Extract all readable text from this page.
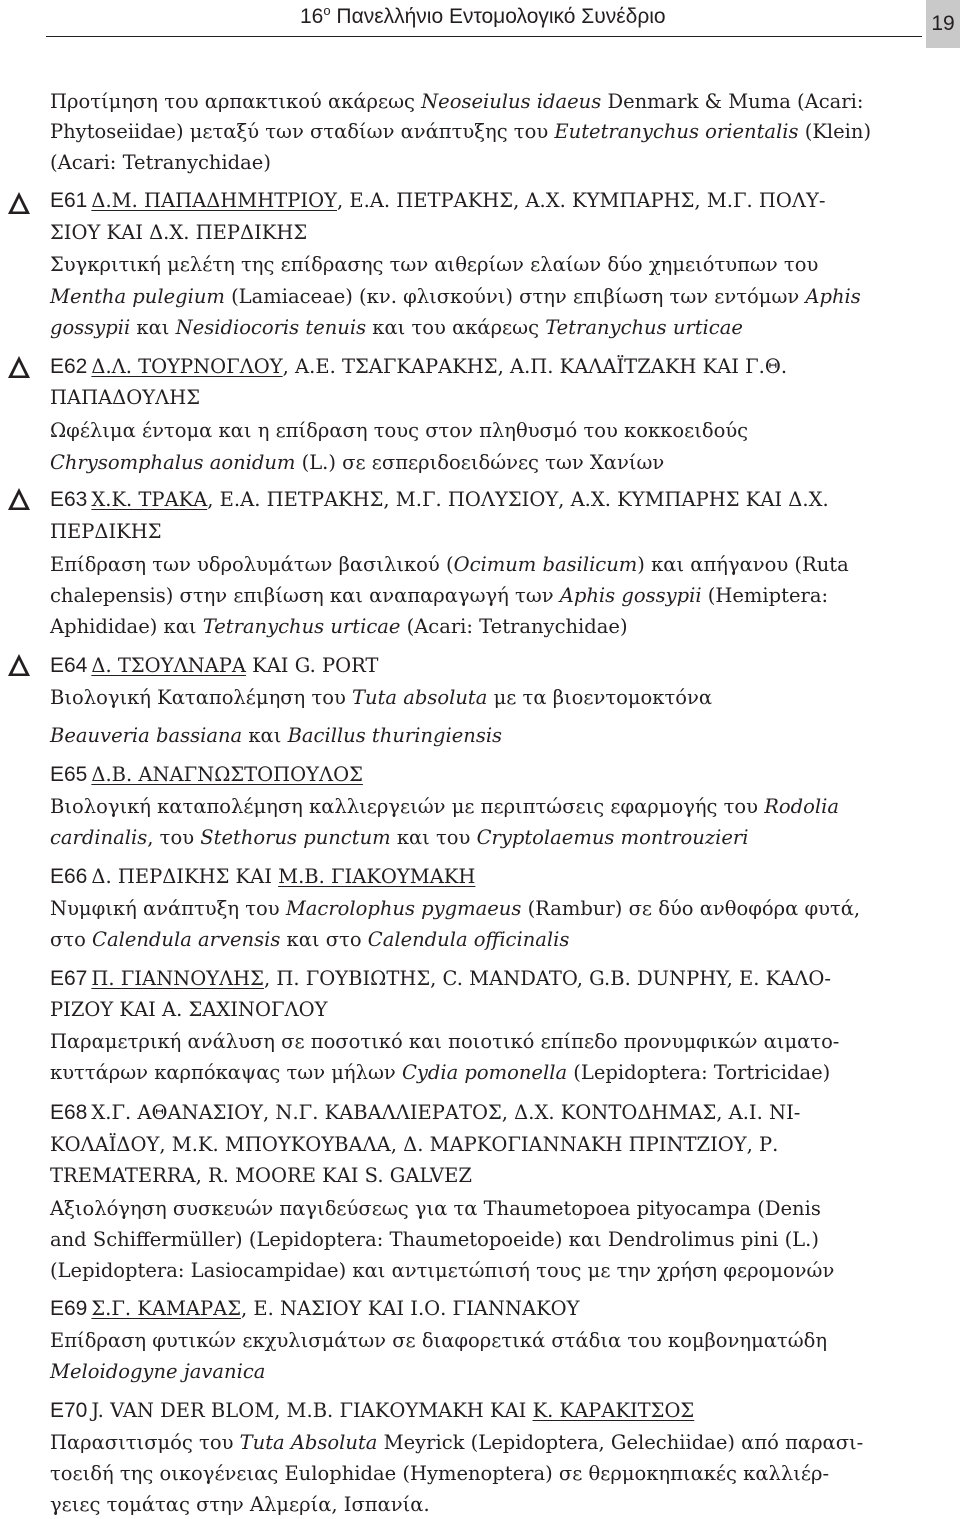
$16^o$ Πανελλήνιο Εντομολογικό Συνέδριο	19
Προτίμηση του αρπακτικού ακάρεως Neoseiulus idaeus Denmark & Muma (Acari:
Phytoseiidae) μεταξύ των σταδίων ανάπτυξης του Eutetranychus orientalis (Klein)
(Acari: Tetranychidae)
Ε61 Δ.Μ. ΠΑΠΑΔΗΜΗΤΡΙΟΥ, Ε.Α. ΠΕΤΡΑΚΗΣ, Α.Χ. ΚΥΜΠΑΡΗΣ, Μ.Γ. ΠΟΛΥ-
ΣΙΟΥ ΚΑΙ Δ.Χ. ΠΕΡΔΙΚΗΣ
Συγκριτική μελέτη της επίδρασης των αιθερίων ελαίων δύο χημειότυπων του
Mentha pulegium (Lamiaceae) (κν. φλισκούνι) στην επιβίωση των εντόμων Aphis
gossypii και Nesidiocoris tenuis και του ακάρεως Tetranychus urticae
Ε62 Δ.Λ. ΤΟΥΡΝΟΓΛΟΥ, Α.Ε. ΤΣΑΓΚΑΡΑΚΗΣ, Α.Π. ΚΑΛΑΪΤΖΑΚΗ ΚΑΙ Γ.Θ.
ΠΑΠΑΔΟΥΛΗΣ
Ωφέλιμα έντομα και η επίδραση τους στον πληθυσμό του κοκκοειδούς
Chrysomphalus aonidum (L.) σε εσπεριδοειδώνες των Χανίων
Ε63 Χ.Κ. ΤΡΑΚΑ, Ε.Α. ΠΕΤΡΑΚΗΣ, Μ.Γ. ΠΟΛΥΣΙΟΥ, Α.Χ. ΚΥΜΠΑΡΗΣ ΚΑΙ Δ.Χ.
ΠΕΡΔΙΚΗΣ
Επίδραση των υδρολυμάτων βασιλικού (Ocimum basilicum) και απήγανου (Ruta
chalepensis) στην επιβίωση και αναπαραγωγή των Aphis gossypii (Hemiptera:
Aphididae) και Tetranychus urticae (Acari: Tetranychidae)
Ε64 Δ. ΤΣΟΥΛΝΑΡΑ ΚΑΙ G. PORT
Βιολογική Καταπολέμηση του Tuta absoluta με τα βιοεντομοκτόνα
Beauveria bassiana και Bacillus thuringiensis
Ε65 Δ.Β. ΑΝΑΓΝΩΣΤΟΠΟΥΛΟΣ
Βιολογική καταπολέμηση καλλιεργειών με περιπτώσεις εφαρμογής του Rodolia
cardinalis, του Stethorus punctum και του Cryptolaemus montrouzieri
Ε66 Δ. ΠΕΡΔΙΚΗΣ ΚΑΙ Μ.Β. ΓΙΑΚΟΥΜΑΚΗ
Νυμφική ανάπτυξη του Macrolophus pygmaeus (Rambur) σε δύο ανθοφόρα φυτά,
στο Calendula arvensis και στο Calendula officinalis
Ε67 Π. ΓΙΑΝΝΟΥΛΗΣ, Π. ΓΟΥΒΙΩΤΗΣ, C. MANDATO, G.B. DUNPHY, Ε. ΚΑΛΟ-
ΡΙΖΟΥ ΚΑΙ Α. ΣΑΧΙΝΟΓΛΟΥ
Παραμετρική ανάλυση σε ποσοτικό και ποιοτικό επίπεδο προνυμφικών αιματο-
κυττάρων καρπόκαψας των μήλων Cydia pomonella (Lepidoptera: Tortricidae)
Ε68 Χ.Γ. ΑΘΑΝΑΣΙΟΥ, Ν.Γ. ΚΑΒΑΛΛΙΕΡΑΤΟΣ, Δ.Χ. ΚΟΝΤΟΔΗΜΑΣ, Α.Ι. ΝΙ-
ΚΟΛΑΪΔΟΥ, Μ.Κ. ΜΠΟΥΚΟΥΒΑΛΑ, Δ. ΜΑΡΚΟΓΙΑΝΝΑΚΗ ΠΡΙΝΤΖΙΟΥ, Ρ.
TREMATERRA, R. MOORE ΚΑΙ S. GALVEZ
Αξιολόγηση συσκευών παγιδεύσεως για τα Thaumetopoea pityocampa (Denis
and Schiffermüller) (Lepidoptera: Thaumetopoeide) και Dendrolimus pini (L.)
(Lepidoptera: Lasiocampidae) και αντιμετώπισή τους με την χρήση φερομονών
Ε69 Σ.Γ. ΚΑΜΑΡΑΣ, Ε. ΝΑΣΙΟΥ ΚΑΙ Ι.Ο. ΓΙΑΝΝΑΚΟΥ
Επίδραση φυτικών εκχυλισμάτων σε διαφορετικά στάδια του κομβονηματώδη
Meloidogyne javanica
Ε70 J. VAN DER BLOM, Μ.Β. ΓΙΑΚΟΥΜΑΚΗ ΚΑΙ Κ. ΚΑΡΑΚΙΤΣΟΣ
Παρασιτισμός του Tuta Absoluta Meyrick (Lepidoptera, Gelechiidae) από παρασι-
τοειδή της οικογένειας Eulophidae (Hymenoptera) σε θερμοκηπιακές καλλιέρ-
γειες τομάτας στην Αλμερία, Ισπανία.
